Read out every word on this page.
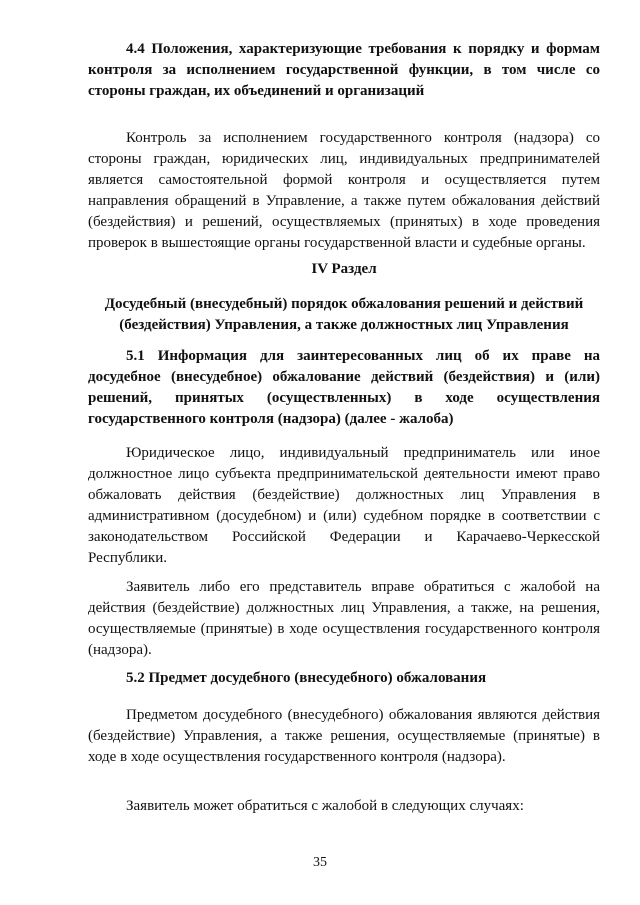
4.4 Положения, характеризующие требования к порядку и формам контроля за исполнением государственной функции, в том числе со стороны граждан, их объединений и организаций

Контроль за исполнением государственного контроля (надзора) со стороны граждан, юридических лиц, индивидуальных предпринимателей является самостоятельной формой контроля и осуществляется путем направления обращений в Управление, а также путем обжалования действий (бездействия) и решений, осуществляемых (принятых) в ходе проведения проверок в вышестоящие органы государственной власти и судебные органы.

IV Раздел

Досудебный (внесудебный) порядок обжалования решений и действий (бездействия) Управления, а также должностных лиц Управления

5.1 Информация для заинтересованных лиц об их праве на досудебное (внесудебное) обжалование действий (бездействия) и (или) решений, принятых (осуществленных) в ходе осуществления государственного контроля (надзора) (далее - жалоба)

Юридическое лицо, индивидуальный предприниматель или иное должностное лицо субъекта предпринимательской деятельности имеют право обжаловать действия (бездействие) должностных лиц Управления в административном (досудебном) и (или) судебном порядке в соответствии с законодательством Российской Федерации и Карачаево-Черкесской Республики.

Заявитель либо его представитель вправе обратиться с жалобой на действия (бездействие) должностных лиц Управления, а также, на решения, осуществляемые (принятые) в ходе осуществления государственного контроля (надзора).

5.2 Предмет досудебного (внесудебного) обжалования

Предметом досудебного (внесудебного) обжалования являются действия (бездействие) Управления, а также решения, осуществляемые (принятые) в ходе в ходе осуществления государственного контроля (надзора).

Заявитель может обратиться с жалобой в следующих случаях:

35
